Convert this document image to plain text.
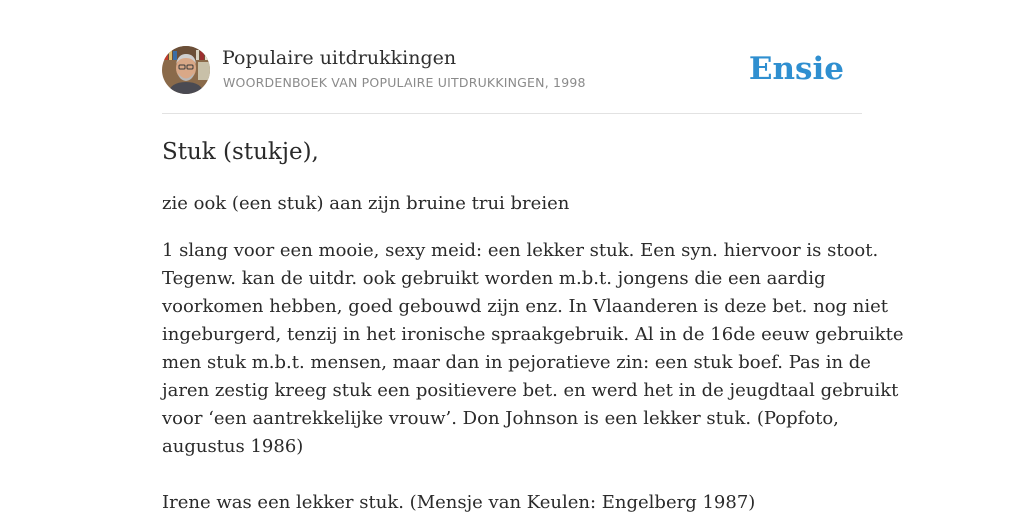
Populaire uitdrukkingen
WOORDENBOEK VAN POPULAIRE UITDRUKKINGEN, 1998	Ensie
Stuk (stukje),

zie ook (een stuk) aan zijn bruine trui breien

1 slang voor een mooie, sexy meid: een lekker stuk. Een syn. hiervoor is stoot.
Tegenw. kan de uitdr. ook gebruikt worden m.b.t. jongens die een aardig
voorkomen hebben, goed gebouwd zijn enz. In Vlaanderen is deze bet. nog niet
ingeburgerd, tenzij in het ironische spraakgebruik. Al in de 16de eeuw gebruikte
men stuk m.b.t. mensen, maar dan in pejoratieve zin: een stuk boef. Pas in de
jaren zestig kreeg stuk een positievere bet. en werd het in de jeugdtaal gebruikt
voor ‘een aantrekkelijke vrouw’. Don Johnson is een lekker stuk. (Popfoto,
augustus 1986)
Irene was een lekker stuk. (Mensje van Keulen: Engelberg 1987)
